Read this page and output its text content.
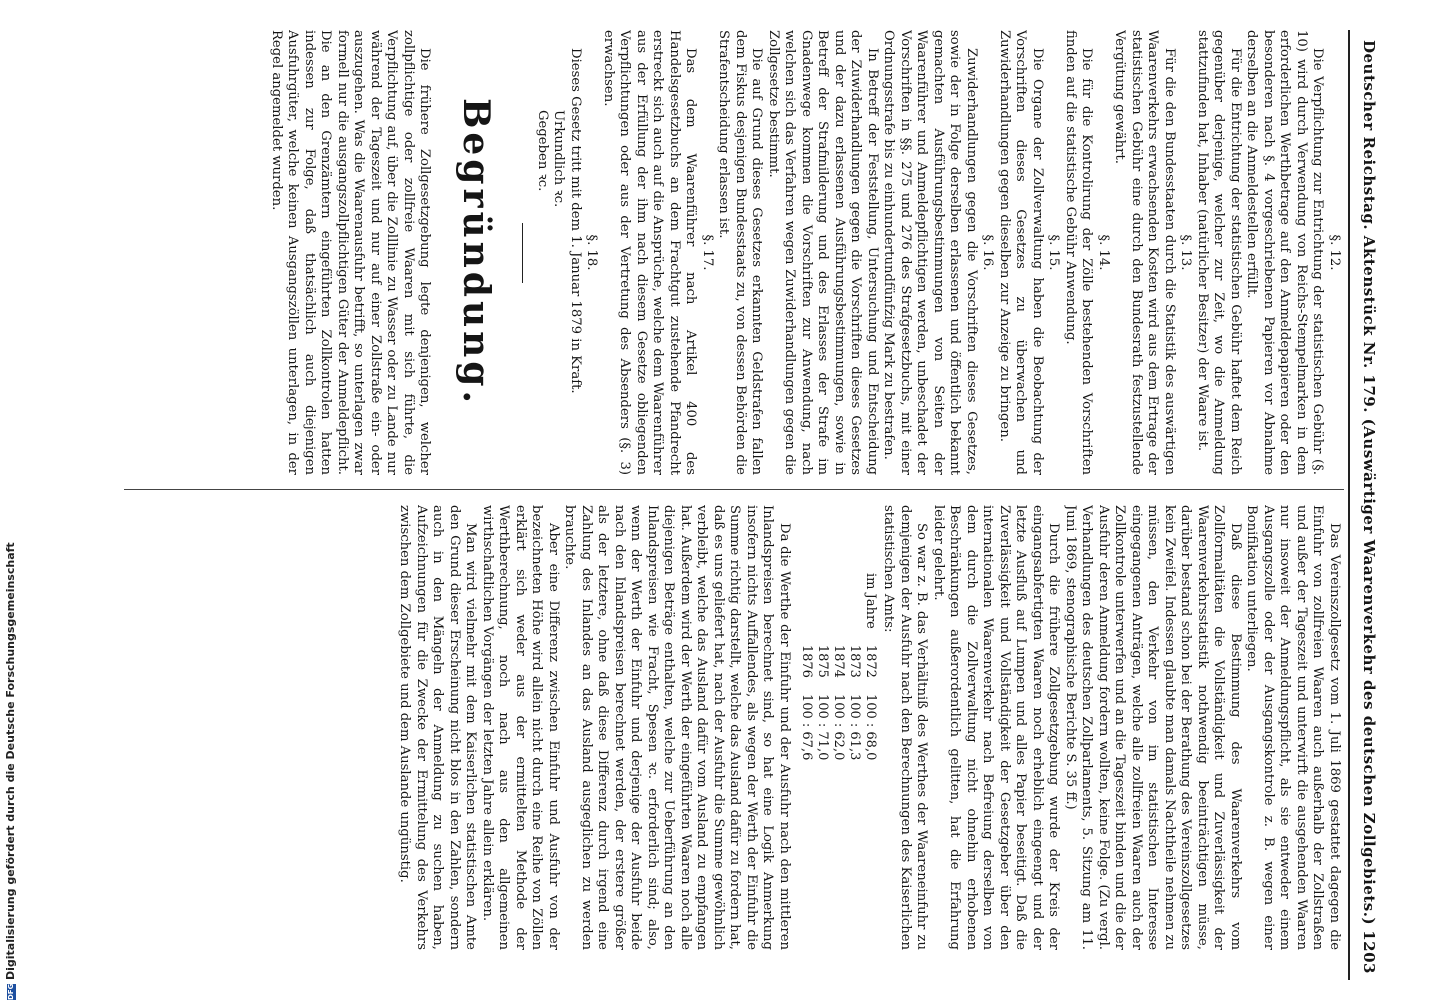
Deutscher Reichstag. Aktenstück Nr. 179. (Auswärtiger Waarenverkehr des deutschen Zollgebiets.)
1203

§. 12.

Die Verpflichtung zur Entrichtung der statistischen Gebühr (§. 10) wird durch Verwendung von Reichs-Stempelmarken in dem erforderlichen Werthbetrage auf den Anmeldepapieren oder den besonderen nach §. 4 vorgeschriebenen Papieren vor Abnahme derselben an die Anmeldestellen erfüllt.

Für die Entrichtung der statistischen Gebühr haftet dem Reich gegenüber derjenige, welcher zur Zeit, wo die Anmeldung stattzufinden hat, Inhaber (natürlicher Besitzer) der Waare ist.

§. 13.

Für die den Bundesstaaten durch die Statistik des auswärtigen Waarenverkehrs erwachsenden Kosten wird aus dem Ertrage der statistischen Gebühr eine durch den Bundesrath festzustellende Vergütung gewährt.

§. 14.

Die für die Kontrolirung der Zölle bestehenden Vorschriften finden auf die statistische Gebühr Anwendung.

§. 15.

Die Organe der Zollverwaltung haben die Beobachtung der Vorschriften dieses Gesetzes zu überwachen und Zuwiderhandlungen gegen dieselben zur Anzeige zu bringen.

§. 16.

Zuwiderhandlungen gegen die Vorschriften dieses Gesetzes, sowie der in Folge derselben erlassenen und öffentlich bekannt gemachten Ausführungsbestimmungen von Seiten der Waarenführer und Anmeldepflichtigen werden, unbeschadet der Vorschriften in §§. 275 und 276 des Strafgesetzbuchs, mit einer Ordnungsstrafe bis zu einhundertundfünfzig Mark zu bestrafen.

In Betreff der Feststellung, Untersuchung und Entscheidung der Zuwiderhandlungen gegen die Vorschriften dieses Gesetzes und der dazu erlassenen Ausführungsbestimmungen, sowie in Betreff der Strafmilderung und des Erlasses der Strafe im Gnadenwege kommen die Vorschriften zur Anwendung, nach welchen sich das Verfahren wegen Zuwiderhandlungen gegen die Zollgesetze bestimmt.

Die auf Grund dieses Gesetzes erkannten Geldstrafen fallen dem Fiskus desjenigen Bundesstaats zu, von dessen Behörden die Strafentscheidung erlassen ist.

§. 17.

Das dem Waarenführer nach Artikel 400 des Handelsgesetzbuchs an dem Frachtgut zustehende Pfandrecht erstreckt sich auch auf die Ansprüche, welche dem Waarenführer aus der Erfüllung der ihm nach diesem Gesetze obliegenden Verpflichtungen oder aus der Vertretung des Absenders (§. 3) erwachsen.

§. 18.

Dieses Gesetz tritt mit dem 1. Januar 1879 in Kraft.

Urkundlich ꝛc.

Gegeben ꝛc.

Begründung.

Die frühere Zollgesetzgebung legte denjenigen, welcher zollpflichtige oder zollfreie Waaren mit sich führte, die Verpflichtung auf, über die Zolllinie zu Wasser oder zu Lande nur während der Tageszeit und nur auf einer Zollstraße ein- oder auszugehen. Was die Waarenausfuhr betrifft, so unterlagen zwar formell nur die ausgangszollpflichtigen Güter der Anmeldepflicht. Die an den Grenzämtern eingeführten Zollkontrolen hatten indessen zur Folge, daß thatsächlich auch diejenigen Ausfuhrgüter, welche keinen Ausgangszöllen unterlagen, in der Regel angemeldet wurden.

Das Vereinszollgesetz vom 1. Juli 1869 gestattet dagegen die Einfuhr von zollfreien Waaren auch außerhalb der Zollstraßen und außer der Tageszeit und unterwirft die ausgehenden Waaren nur insoweit der Anmeldungspflicht, als sie entweder einem Ausgangszolle oder der Ausgangskontrole z. B. wegen einer Bonifikation unterliegen.

Daß diese Bestimmung des Waarenverkehrs vom Zollformalitäten die Vollständigkeit und Zuverlässigkeit der Waarenverkehrsstatistik nothwendig beeinträchtigen müsse, darüber bestand schon bei der Berathung des Vereinszollgesetzes kein Zweifel. Indessen glaubte man damals Nachtheile nehmen zu müssen, den Verkehr von im statistischen Interesse eingegangenen Anträgen, welche alle zollfreien Waaren auch der Zollkontrole unterwerfen und an die Tageszeit binden und die der Ausfuhr deren Anmeldung fordern wollten, keine Folge. (Zu vergl. Verhandlungen des deutschen Zollparlaments, 5. Sitzung am 11. Juni 1869, stenographische Berichte S. 35 ff.)

Durch die frühere Zollgesetzgebung wurde der Kreis der eingangsabfertigten Waaren noch erheblich eingeengt und der letzte Ausfluß auf Lumpen und alles Papier beseitigt. Daß die Zuverlässigkeit und Vollständigkeit der Gesetzgeber über den internationalen Waarenverkehr nach Befreiung derselben von dem durch die Zollverwaltung nicht ohnehin erhobenen Beschränkungen außerordentlich gelitten, hat die Erfahrung leider gelehrt.

So war z. B. das Verhältniß des Werthes der Waareneinfuhr zu demjenigen der Ausfuhr nach den Berechnungen des Kaiserlichen statistischen Amts:

im Jahre	1872	100 : 68,0
	1873	100 : 61,3
	1874	100 : 62,0
	1875	100 : 71,0
	1876	100 : 67,6

Da die Werthe der Einfuhr und der Ausfuhr nach den mittleren Inlandspreisen berechnet sind, so hat eine Logik Anmerkung insofern nichts Auffallendes, als wegen der Werth der Einfuhr die Summe richtig darstellt, welche das Ausland dafür zu fordern hat, daß es uns geliefert hat, nach der Ausfuhr die Summe gewöhnlich verbleibt, welche das Ausland dafür vom Ausland zu empfangen hat. Außerdem wird der Werth der eingeführten Waaren noch alle diejenigen Beträge enthalten, welche zur Ueberführung an den Inlandspreisen wie Fracht, Spesen ꝛc. erforderlich sind; also, wenn der Werth der Einfuhr und derjenige der Ausfuhr beide nach den Inlandspreisen berechnet werden, der erstere größer als der letztere, ohne daß diese Differenz durch irgend eine Zahlung des Inlandes an das Ausland ausgeglichen zu werden brauchte.

Aber eine Differenz zwischen Einfuhr und Ausfuhr von der bezeichneten Höhe wird allein nicht durch eine Reihe von Zöllen erklärt sich weder aus der ermittelten Methode der Werthberechnung, noch nach aus den allgemeinen wirthschaftlichen Vorgängen der letzten Jahre allein erklären.

Man wird vielmehr mit dem Kaiserlichen statistischen Amte den Grund dieser Erscheinung nicht blos in den Zahlen, sondern auch in den Mängeln der Anmeldung zu suchen haben, Aufzeichnungen für die Zwecke der Ermittelung des Verkehrs zwischen dem Zollgebiete und dem Auslande ungünstig.

DFGDigitalisierung gefördert durch die Deutsche Forschungsgemeinschaft
